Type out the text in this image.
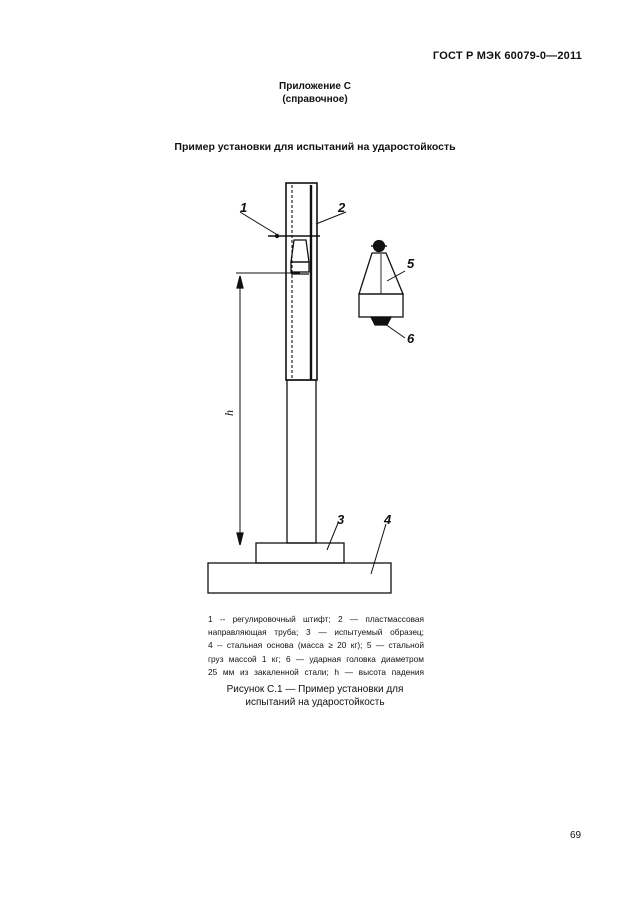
ГОСТ Р МЭК 60079-0—2011
Приложение С
(справочное)
Пример установки для испытаний на ударостойкость
1	2
3	4
5
6
h
1 -- регулировочный штифт; 2 — пластмассовая
направляющая труба; 3 — испытуемый образец;
4 -- стальная основа (масса ≥ 20 кг); 5 — стальной
груз массой 1 кг; 6 — ударная головка диаметром
25 мм из закаленной стали; h — высота падения
Рисунок С.1 — Пример установки для
испытаний на ударостойкость
69
